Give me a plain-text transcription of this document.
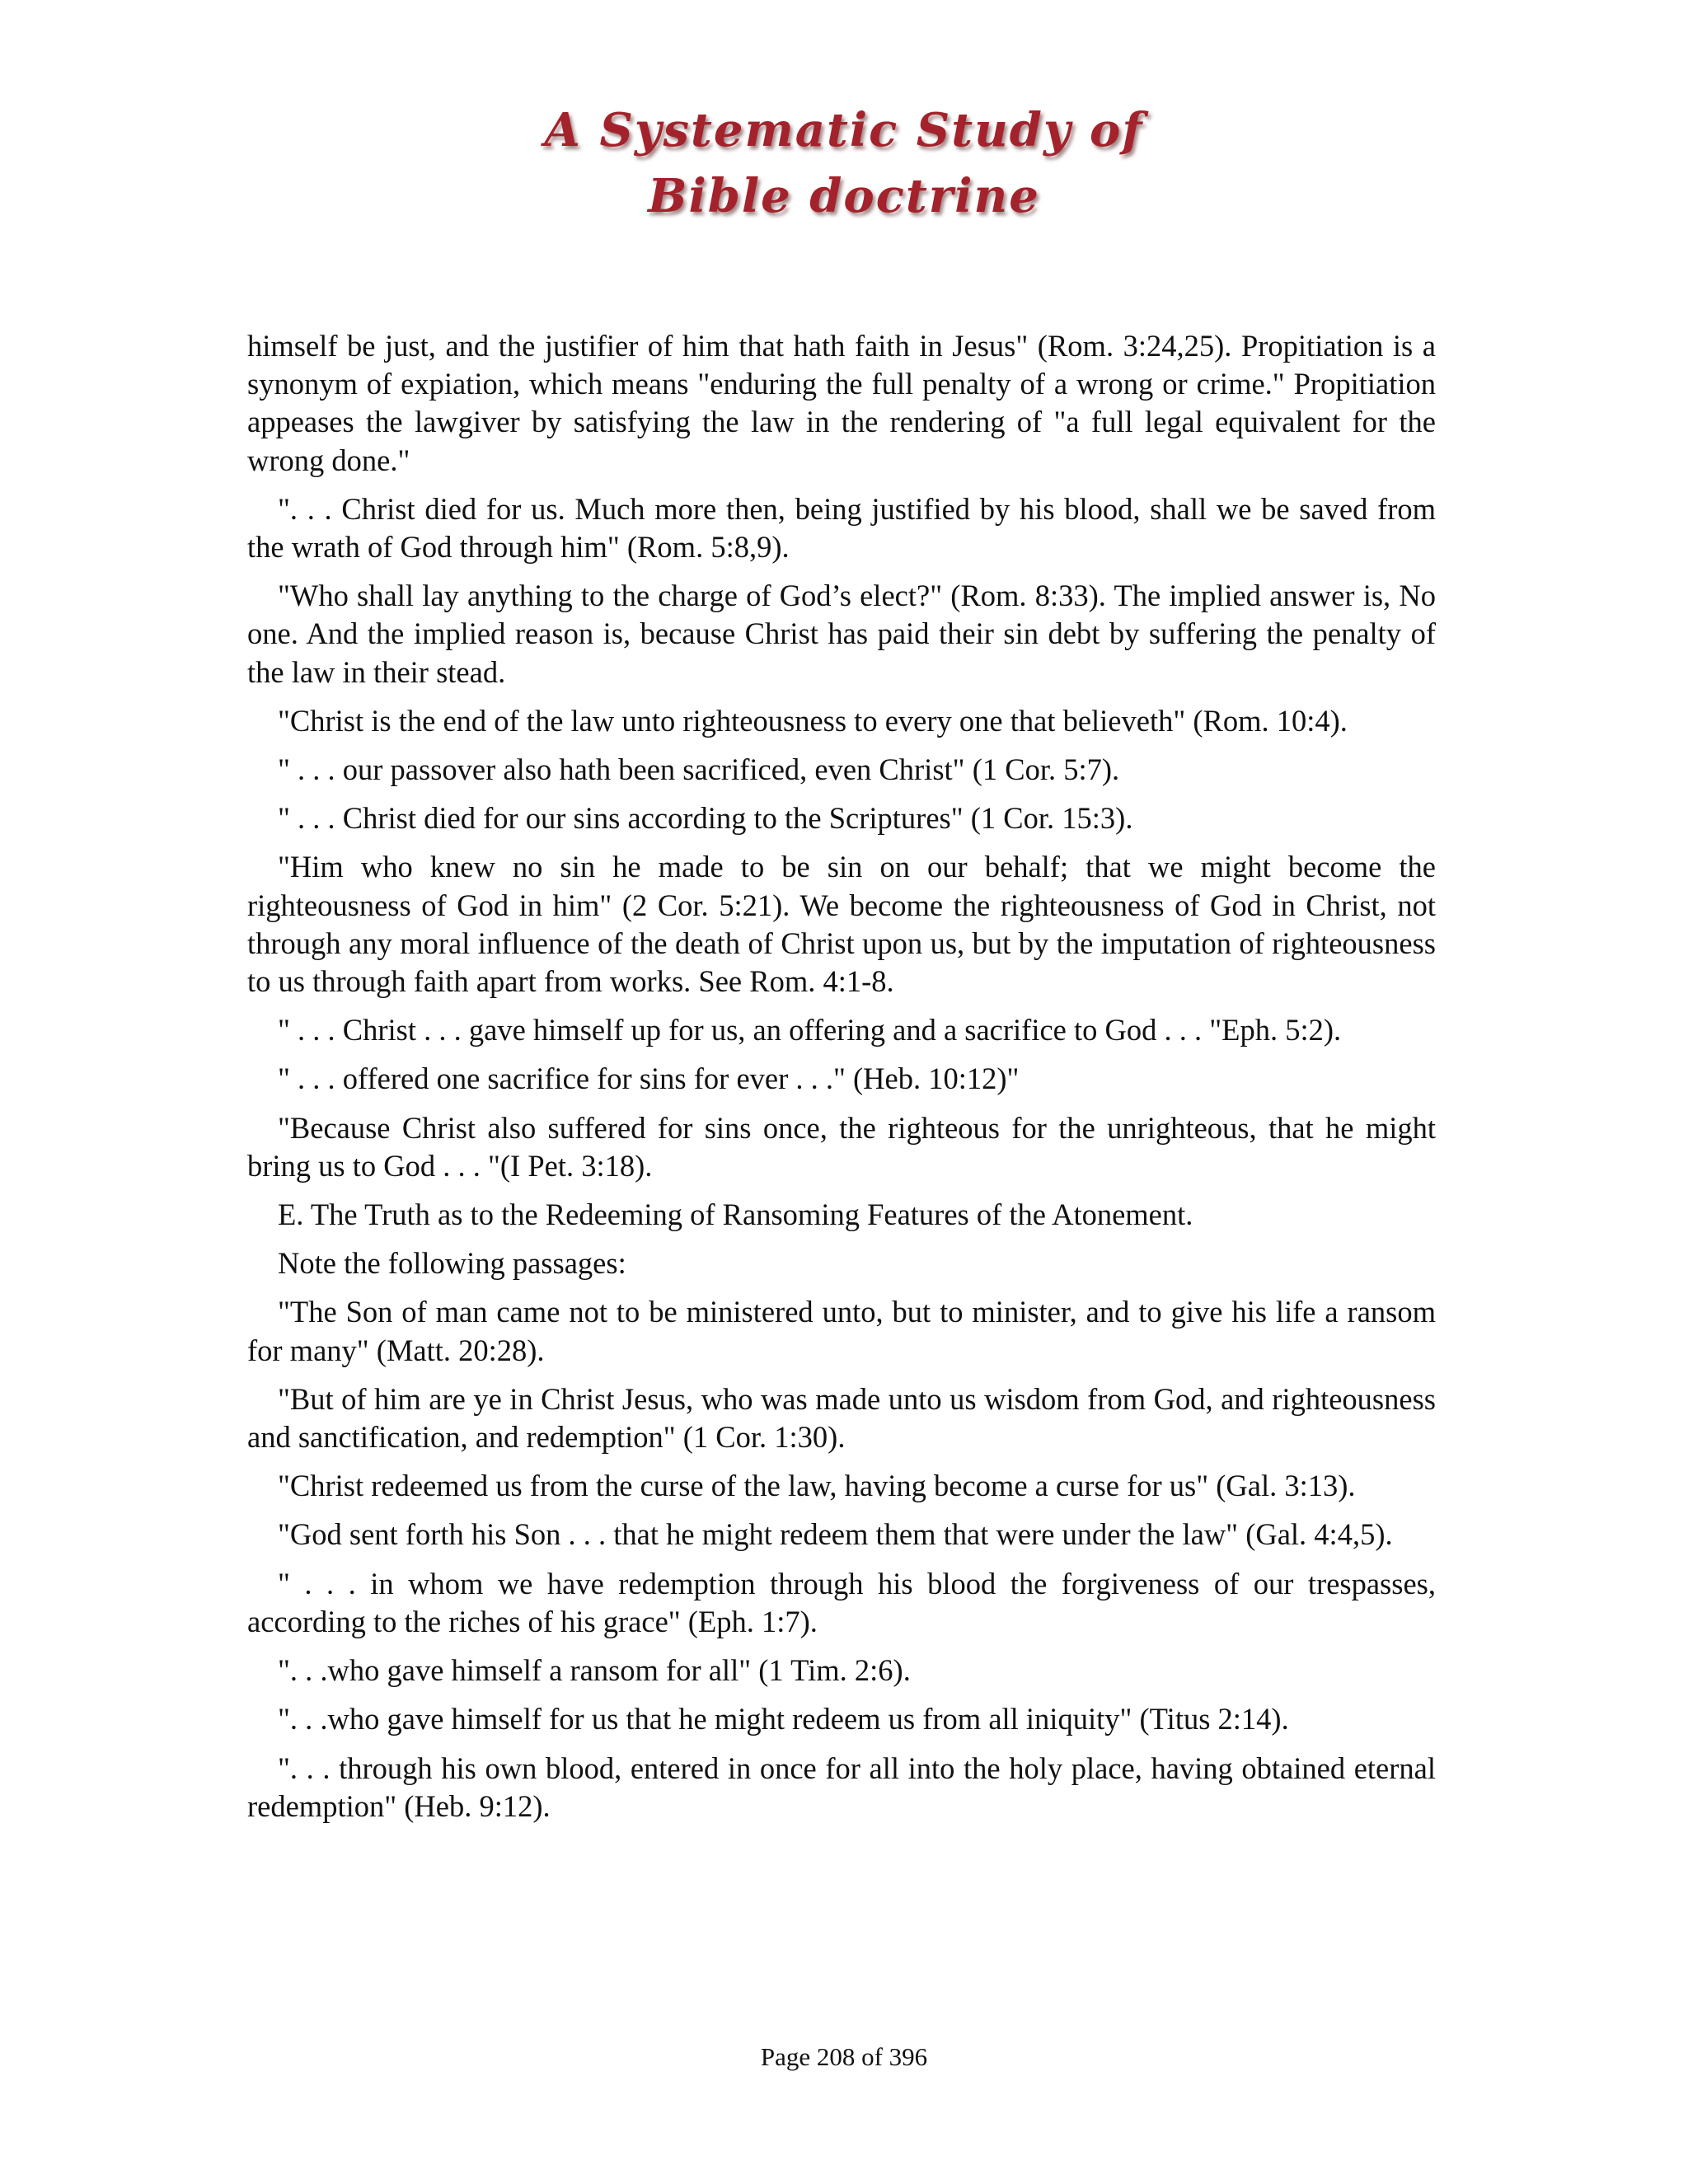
A Systematic Study of
Bible doctrine

himself be just, and the justifier of him that hath faith in Jesus" (Rom. 3:24,25). Propitiation is a synonym of expiation, which means "enduring the full penalty of a wrong or crime." Propitiation appeases the lawgiver by satisfying the law in the rendering of "a full legal equivalent for the wrong done."

". . . Christ died for us. Much more then, being justified by his blood, shall we be saved from the wrath of God through him" (Rom. 5:8,9).

"Who shall lay anything to the charge of God’s elect?" (Rom. 8:33). The implied answer is, No one. And the implied reason is, because Christ has paid their sin debt by suffering the penalty of the law in their stead.

"Christ is the end of the law unto righteousness to every one that believeth" (Rom. 10:4).

" . . . our passover also hath been sacrificed, even Christ" (1 Cor. 5:7).

" . . . Christ died for our sins according to the Scriptures" (1 Cor. 15:3).

"Him who knew no sin he made to be sin on our behalf; that we might become the righteousness of God in him" (2 Cor. 5:21). We become the righteousness of God in Christ, not through any moral influence of the death of Christ upon us, but by the imputation of righteousness to us through faith apart from works. See Rom. 4:1-8.

" . . . Christ . . . gave himself up for us, an offering and a sacrifice to God . . . "Eph. 5:2).

" . . . offered one sacrifice for sins for ever . . ." (Heb. 10:12)"

"Because Christ also suffered for sins once, the righteous for the unrighteous, that he might bring us to God . . . "(I Pet. 3:18).

E. The Truth as to the Redeeming of Ransoming Features of the Atonement.

Note the following passages:

"The Son of man came not to be ministered unto, but to minister, and to give his life a ransom for many" (Matt. 20:28).

"But of him are ye in Christ Jesus, who was made unto us wisdom from God, and righteousness and sanctification, and redemption" (1 Cor. 1:30).

"Christ redeemed us from the curse of the law, having become a curse for us" (Gal. 3:13).

"God sent forth his Son . . . that he might redeem them that were under the law" (Gal. 4:4,5).

" . . . in whom we have redemption through his blood the forgiveness of our trespasses, according to the riches of his grace" (Eph. 1:7).

". . .who gave himself a ransom for all" (1 Tim. 2:6).

". . .who gave himself for us that he might redeem us from all iniquity" (Titus 2:14).

". . . through his own blood, entered in once for all into the holy place, having obtained eternal redemption" (Heb. 9:12).

Page 208 of 396
